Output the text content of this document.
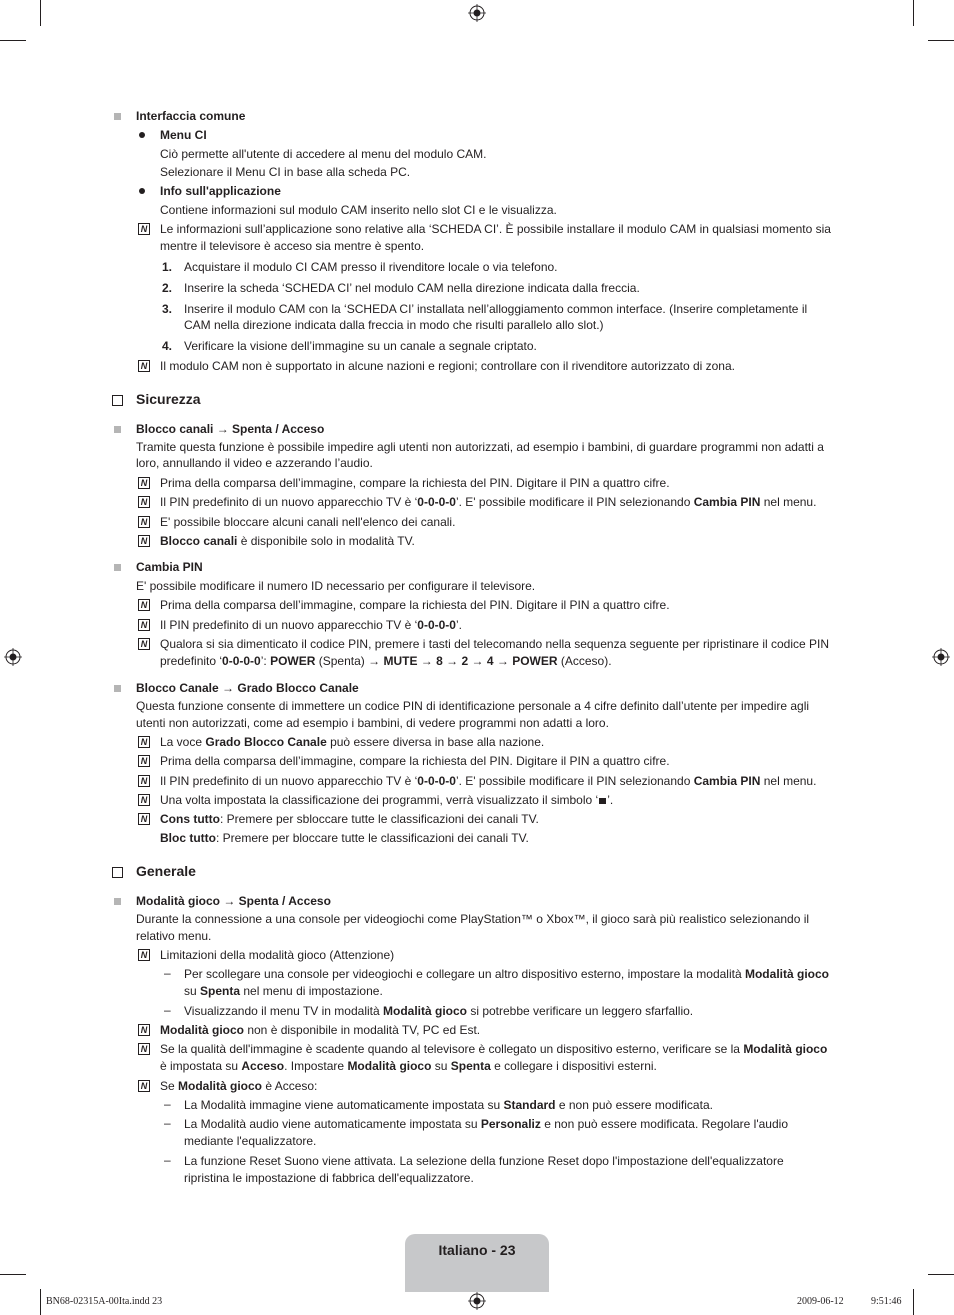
Interfaccia comune
Menu CI
Ciò permette all'utente di accedere al menu del modulo CAM.
Selezionare il Menu CI in base alla scheda PC.
Info sull'applicazione
Contiene informazioni sul modulo CAM inserito nello slot CI e le visualizza.
N Le informazioni sull’applicazione sono relative alla ‘SCHEDA CI’. È possibile installare il modulo CAM in qualsiasi momento sia
mentre il televisore è acceso sia mentre è spento.
1. Acquistare il modulo CI CAM presso il rivenditore locale o via telefono.
2. Inserire la scheda ‘SCHEDA CI’ nel modulo CAM nella direzione indicata dalla freccia.
3. Inserire il modulo CAM con la ‘SCHEDA CI’ installata nell’alloggiamento common interface. (Inserire completamente il
CAM nella direzione indicata dalla freccia in modo che risulti parallelo allo slot.)
4. Verificare la visione dell’immagine su un canale a segnale criptato.
N Il modulo CAM non è supportato in alcune nazioni e regioni; controllare con il rivenditore autorizzato di zona.
Sicurezza
Blocco canali → Spenta / Acceso
Tramite questa funzione è possibile impedire agli utenti non autorizzati, ad esempio i bambini, di guardare programmi non adatti a
loro, annullando il video e azzerando l’audio.
N Prima della comparsa dell’immagine, compare la richiesta del PIN. Digitare il PIN a quattro cifre.
N Il PIN predefinito di un nuovo apparecchio TV è ‘0-0-0-0’. E' possibile modificare il PIN selezionando Cambia PIN nel menu.
N E' possibile bloccare alcuni canali nell'elenco dei canali.
N Blocco canali è disponibile solo in modalità TV.
Cambia PIN
E' possibile modificare il numero ID necessario per configurare il televisore.
N Prima della comparsa dell’immagine, compare la richiesta del PIN. Digitare il PIN a quattro cifre.
N Il PIN predefinito di un nuovo apparecchio TV è ‘0-0-0-0’.
N Qualora si sia dimenticato il codice PIN, premere i tasti del telecomando nella sequenza seguente per ripristinare il codice PIN
predefinito ‘0-0-0-0’: POWER (Spenta) → MUTE → 8 → 2 → 4 → POWER (Acceso).
Blocco Canale → Grado Blocco Canale
Questa funzione consente di immettere un codice PIN di identificazione personale a 4 cifre definito dall’utente per impedire agli
utenti non autorizzati, come ad esempio i bambini, di vedere programmi non adatti a loro.
N La voce Grado Blocco Canale può essere diversa in base alla nazione.
N Prima della comparsa dell’immagine, compare la richiesta del PIN. Digitare il PIN a quattro cifre.
N Il PIN predefinito di un nuovo apparecchio TV è ‘0-0-0-0’. E' possibile modificare il PIN selezionando Cambia PIN nel menu.
N Una volta impostata la classificazione dei programmi, verrà visualizzato il simbolo ‘ ’.
N Cons tutto: Premere per sbloccare tutte le classificazioni dei canali TV.
Bloc tutto: Premere per bloccare tutte le classificazioni dei canali TV.
Generale
Modalità gioco → Spenta / Acceso
Durante la connessione a una console per videogiochi come PlayStation™ o Xbox™, il gioco sarà più realistico selezionando il
relativo menu.
N Limitazioni della modalità gioco (Attenzione)
– Per scollegare una console per videogiochi e collegare un altro dispositivo esterno, impostare la modalità Modalità gioco
su Spenta nel menu di impostazione.
– Visualizzando il menu TV in modalità Modalità gioco si potrebbe verificare un leggero sfarfallio.
N Modalità gioco non è disponibile in modalità TV, PC ed Est.
N Se la qualità dell'immagine è scadente quando al televisore è collegato un dispositivo esterno, verificare se la Modalità gioco
è impostata su Acceso. Impostare Modalità gioco su Spenta e collegare i dispositivi esterni.
N Se Modalità gioco è Acceso:
– La Modalità immagine viene automaticamente impostata su Standard e non può essere modificata.
– La Modalità audio viene automaticamente impostata su Personaliz e non può essere modificata. Regolare l'audio
mediante l'equalizzatore.
– La funzione Reset Suono viene attivata. La selezione della funzione Reset dopo l'impostazione dell'equalizzatore
ripristina le impostazione di fabbrica dell'equalizzatore.
Italiano - 23
BN68-02315A-00Ita.indd 23	2009-06-12	9:51:46
